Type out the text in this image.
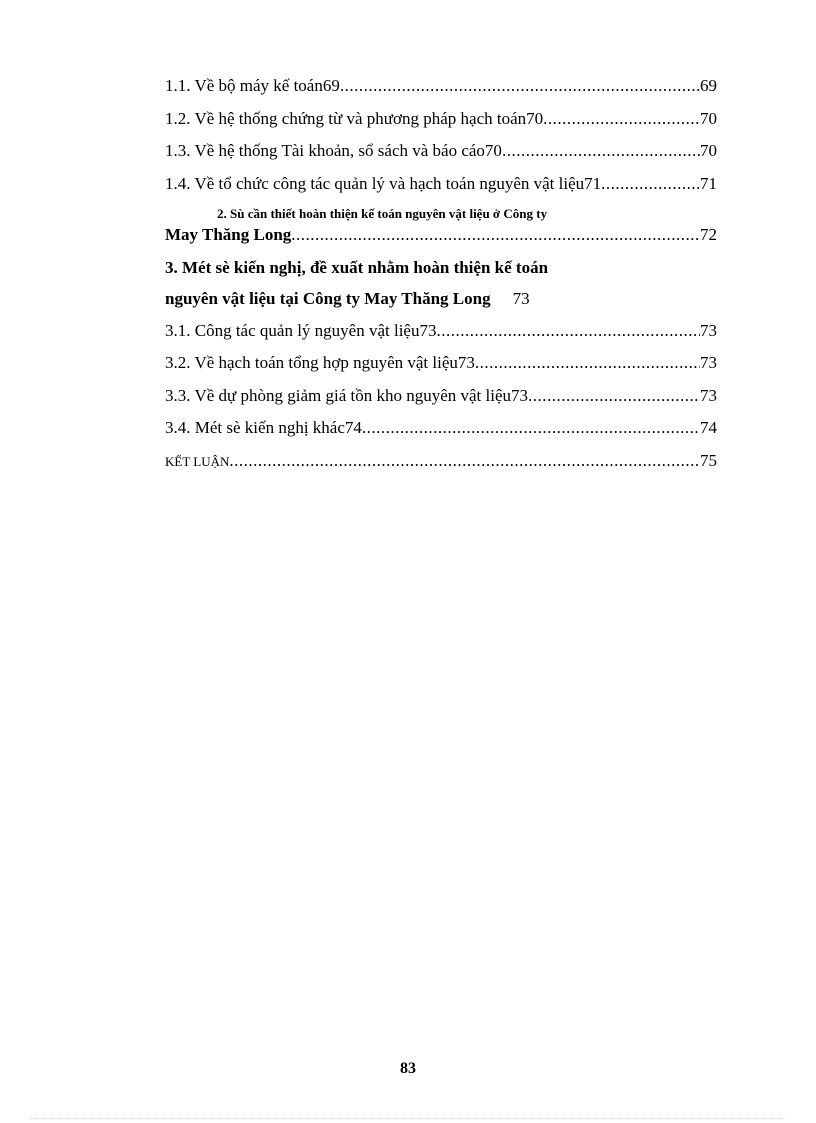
1.1. Về bộ máy kế toán69 .....	69
1.2. Về hệ thống chứng từ và phương pháp hạch toán70 .....	70
1.3. Về hệ thống Tài khoản, sổ sách và báo cáo70 .....	70
1.4. Về tổ chức công tác quản lý và hạch toán nguyên vật liệu71 .....	71
2. Sù cần thiết hoàn thiện kế toán nguyên vật liệu ở Công ty
May Thăng Long .....	72
3. Mét sè kiến nghị, đề xuất nhằm hoàn thiện kế toán
nguyên vật liệu tại Công ty May Thăng Long 73
3.1. Công tác quản lý nguyên vật liệu73 .....	73
3.2. Về hạch toán tổng hợp nguyên vật liệu73 .....	73
3.3. Về dự phòng giảm giá tồn kho nguyên vật liệu73 .....	73
3.4. Mét sè kiến nghị khác74 .....	74
KẾT LUẬN .....	75
83
